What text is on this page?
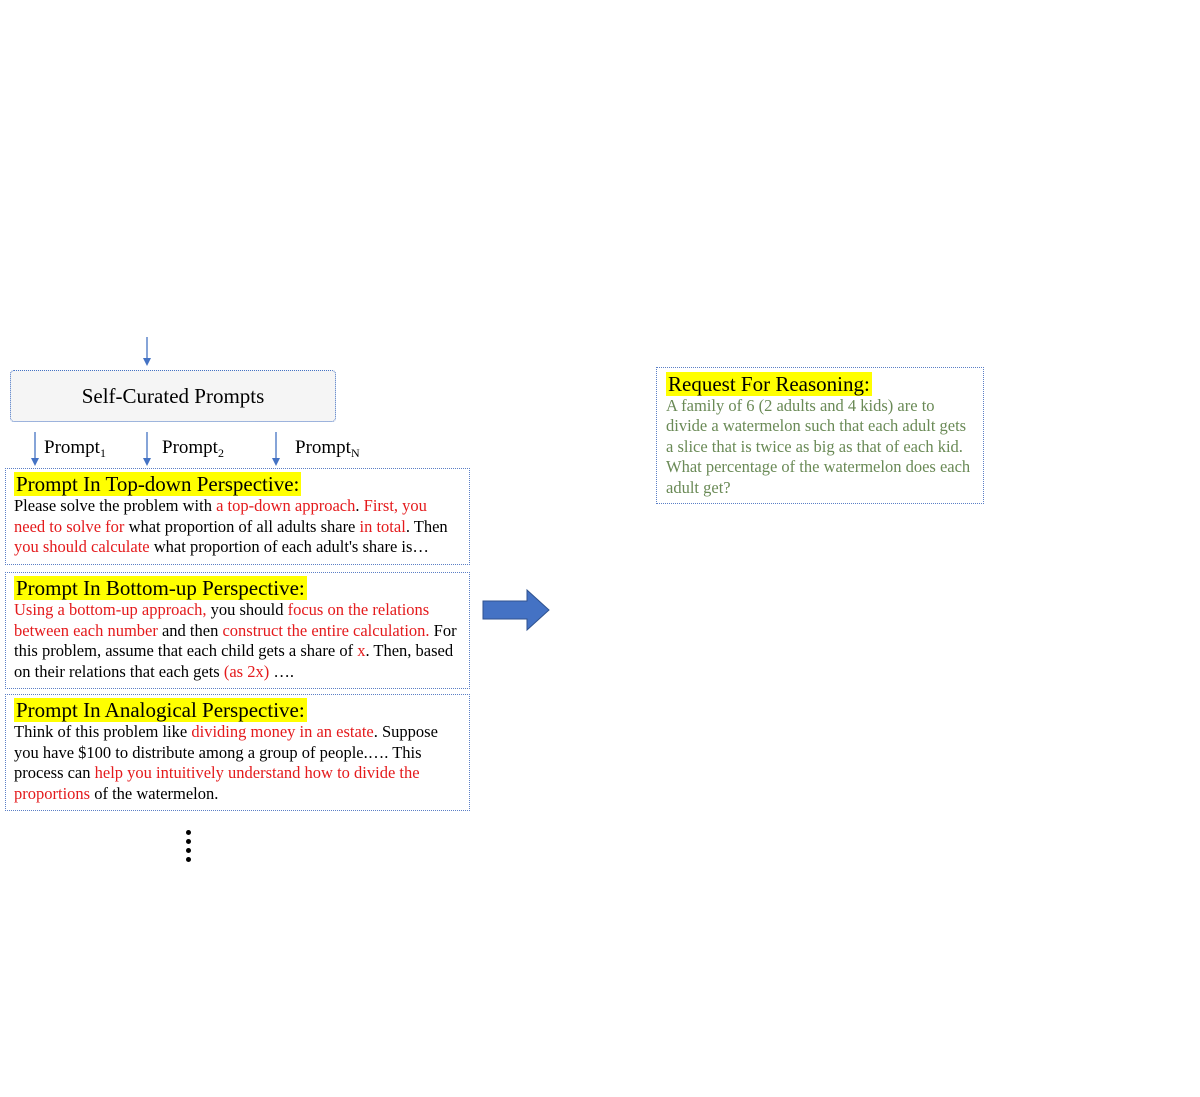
Self-Curated Prompts
Prompt$_1$	Prompt$_2$	Prompt$_N$
Prompt In Top-down Perspective:
Please solve the problem with a top-down approach. First, you need to solve for what proportion of all adults share in total. Then you should calculate what proportion of each adult's share is…
Prompt In Bottom-up Perspective:
Using a bottom-up approach, you should focus on the relations between each number and then construct the entire calculation. For this problem, assume that each child gets a share of x. Then, based on their relations that each gets (as 2x) ….
Prompt In Analogical Perspective:
Think of this problem like dividing money in an estate. Suppose you have $100 to distribute among a group of people.…. This process can help you intuitively understand how to divide the proportions of the watermelon.
Request For Reasoning:
A family of 6 (2 adults and 4 kids) are to divide a watermelon such that each adult gets a slice that is twice as big as that of each kid. What percentage of the watermelon does each adult get?
